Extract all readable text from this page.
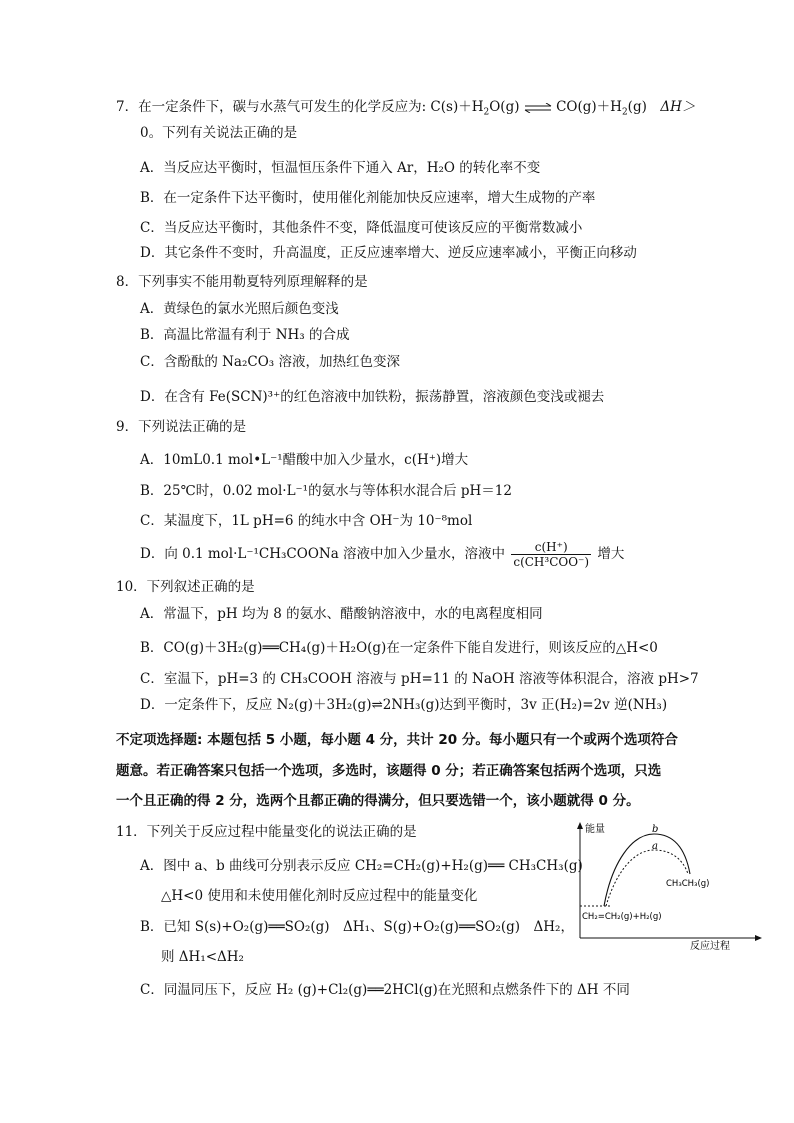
7．在一定条件下，碳与水蒸气可发生的化学反应为: $C(s)+H_2O(g)$ ⇌ $CO(g)+H_2(g)$　ΔH＞
0。下列有关说法正确的是
A．当反应达平衡时，恒温恒压条件下通入 Ar，H₂O 的转化率不变
B．在一定条件下达平衡时，使用催化剂能加快反应速率，增大生成物的产率
C．当反应达平衡时，其他条件不变，降低温度可使该反应的平衡常数减小
D．其它条件不变时，升高温度，正反应速率增大、逆反应速率减小，平衡正向移动
8．下列事实不能用勒夏特列原理解释的是
A．黄绿色的氯水光照后颜色变浅
B．高温比常温有利于 NH₃ 的合成
C．含酚酞的 Na₂CO₃ 溶液，加热红色变深
D．在含有 Fe(SCN)³⁺的红色溶液中加铁粉，振荡静置，溶液颜色变浅或褪去
9．下列说法正确的是
A．10mL0.1 mol•L⁻¹醋酸中加入少量水，c(H⁺)增大
B．25℃时，0.02 mol·L⁻¹的氨水与等体积水混合后 pH＝12
C．某温度下，1L pH=6 的纯水中含 OH⁻为 10⁻⁸mol
D．向 0.1 mol·L⁻¹CH₃COONa 溶液中加入少量水，溶液中 $\frac{c(H^+)}{\text{c(CH³COO⁻)}}$ 增大
10．下列叙述正确的是
A．常温下，pH 均为 8 的氨水、醋酸钠溶液中，水的电离程度相同
B．CO(g)＋3H₂(g)══CH₄(g)＋H₂O(g)在一定条件下能自发进行，则该反应的△H<0
C．室温下，pH=3 的 CH₃COOH 溶液与 pH=11 的 NaOH 溶液等体积混合，溶液 pH>7
D．一定条件下，反应 N₂(g)＋3H₂(g)⇌2NH₃(g)达到平衡时，3v 正(H₂)=2v 逆(NH₃)
不定项选择题: 本题包括 5 小题，每小题 4 分，共计 20 分。每小题只有一个或两个选项符合
题意。若正确答案只包括一个选项，多选时，该题得 0 分；若正确答案包括两个选项，只选
一个且正确的得 2 分，选两个且都正确的得满分，但只要选错一个，该小题就得 0 分。
11．下列关于反应过程中能量变化的说法正确的是
A．图中 a、b 曲线可分别表示反应 CH₂=CH₂(g)+H₂(g)══ CH₃CH₃(g)
△H<0 使用和未使用催化剂时反应过程中的能量变化
B．已知 S(s)+O₂(g)══SO₂(g)　ΔH₁、S(g)+O₂(g)══SO₂(g)　ΔH₂，
则 ΔH₁<ΔH₂
C．同温同压下，反应 H₂ (g)+Cl₂(g)══2HCl(g)在光照和点燃条件下的 ΔH 不同
能量
反应过程
b
a
CH₃CH₃(g)
CH₂=CH₂(g)+H₂(g)
